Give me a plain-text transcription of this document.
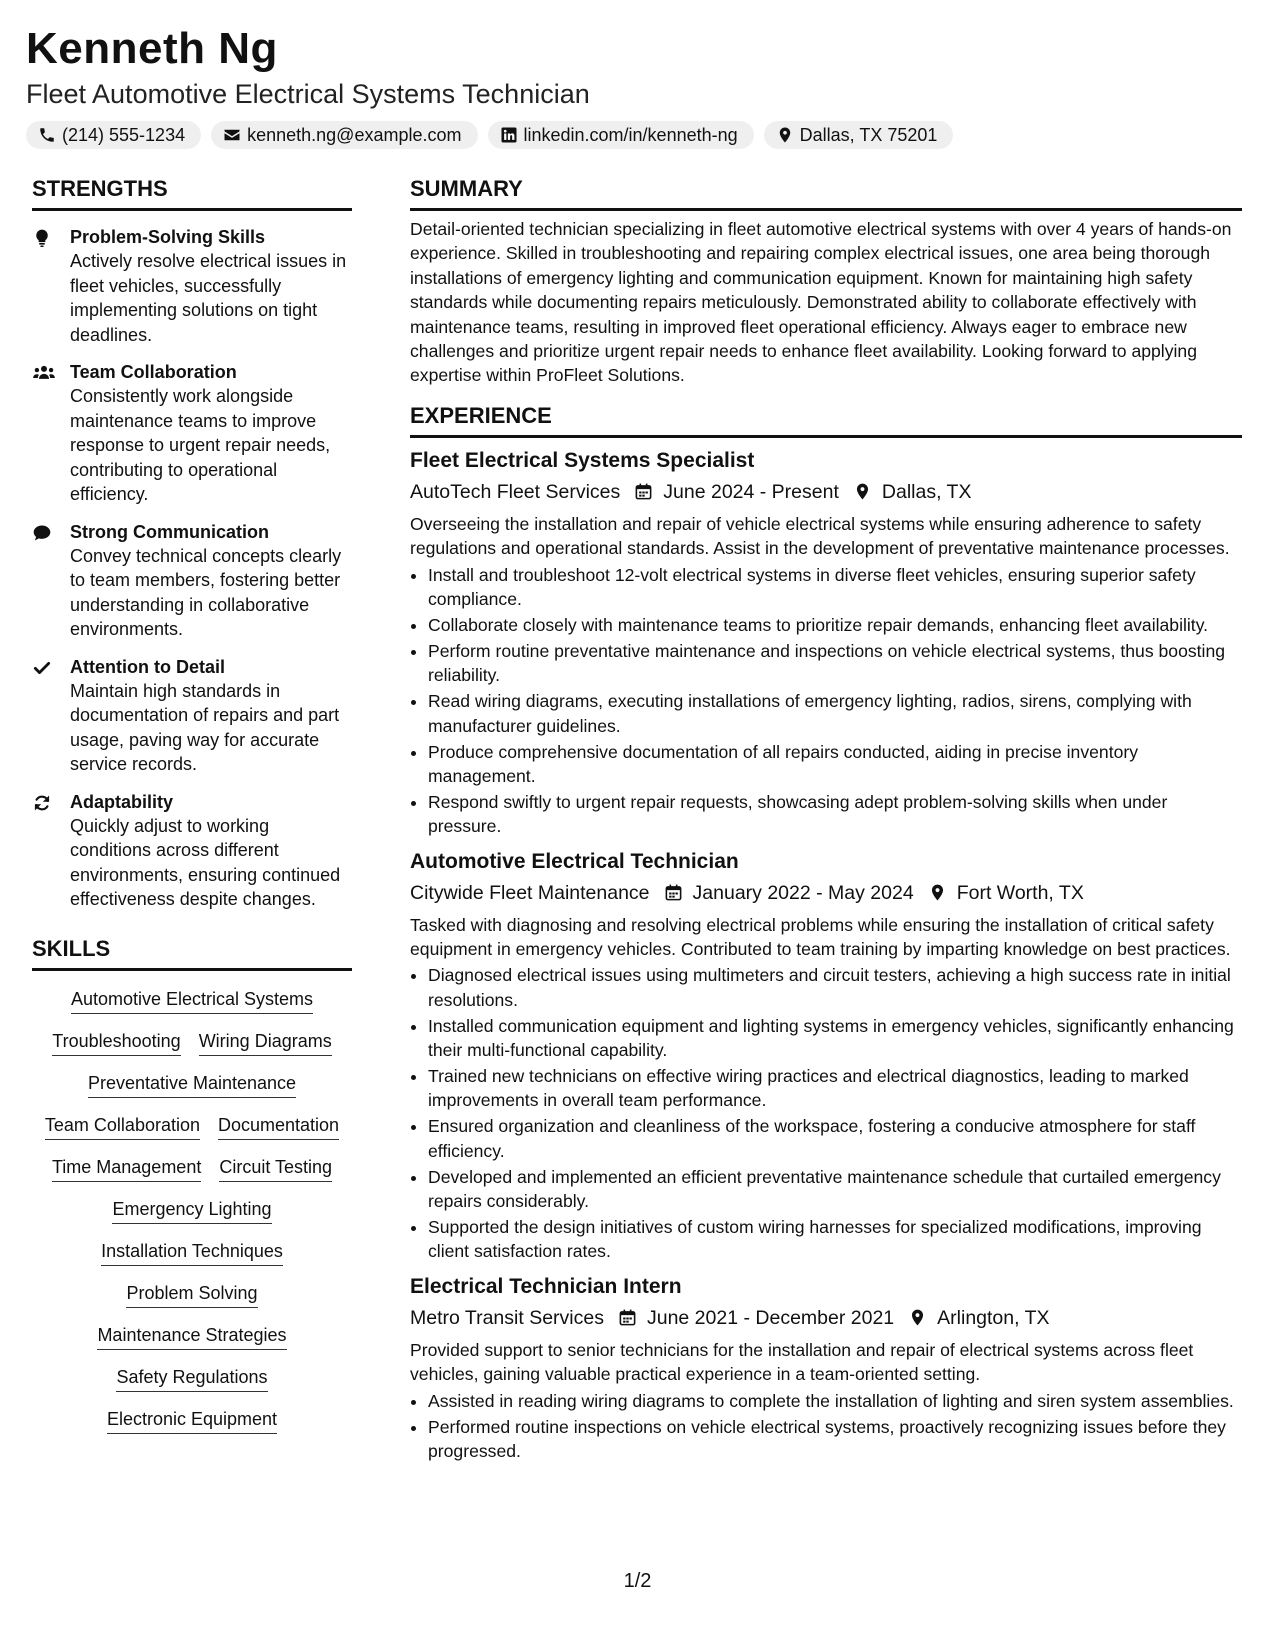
Kenneth Ng
Fleet Automotive Electrical Systems Technician
(214) 555-1234	kenneth.ng@example.com	linkedin.com/in/kenneth-ng	Dallas, TX 75201
STRENGTHS
Problem-Solving Skills
Actively resolve electrical issues in fleet vehicles, successfully implementing solutions on tight deadlines.
Team Collaboration
Consistently work alongside maintenance teams to improve response to urgent repair needs, contributing to operational efficiency.
Strong Communication
Convey technical concepts clearly to team members, fostering better understanding in collaborative environments.
Attention to Detail
Maintain high standards in documentation of repairs and part usage, paving way for accurate service records.
Adaptability
Quickly adjust to working conditions across different environments, ensuring continued effectiveness despite changes.
SKILLS
Automotive Electrical Systems
Troubleshooting Wiring Diagrams
Preventative Maintenance
Team Collaboration Documentation
Time Management Circuit Testing
Emergency Lighting
Installation Techniques
Problem Solving
Maintenance Strategies
Safety Regulations
Electronic Equipment
SUMMARY
Detail-oriented technician specializing in fleet automotive electrical systems with over 4 years of hands-on experience. Skilled in troubleshooting and repairing complex electrical issues, one area being thorough installations of emergency lighting and communication equipment. Known for maintaining high safety standards while documenting repairs meticulously. Demonstrated ability to collaborate effectively with maintenance teams, resulting in improved fleet operational efficiency. Always eager to embrace new challenges and prioritize urgent repair needs to enhance fleet availability. Looking forward to applying expertise within ProFleet Solutions.
EXPERIENCE
Fleet Electrical Systems Specialist
AutoTech Fleet Services June 2024 - Present Dallas, TX
Overseeing the installation and repair of vehicle electrical systems while ensuring adherence to safety regulations and operational standards. Assist in the development of preventative maintenance processes.
• Install and troubleshoot 12-volt electrical systems in diverse fleet vehicles, ensuring superior safety compliance.
• Collaborate closely with maintenance teams to prioritize repair demands, enhancing fleet availability.
• Perform routine preventative maintenance and inspections on vehicle electrical systems, thus boosting reliability.
• Read wiring diagrams, executing installations of emergency lighting, radios, sirens, complying with manufacturer guidelines.
• Produce comprehensive documentation of all repairs conducted, aiding in precise inventory management.
• Respond swiftly to urgent repair requests, showcasing adept problem-solving skills when under pressure.
Automotive Electrical Technician
Citywide Fleet Maintenance January 2022 - May 2024 Fort Worth, TX
Tasked with diagnosing and resolving electrical problems while ensuring the installation of critical safety equipment in emergency vehicles. Contributed to team training by imparting knowledge on best practices.
• Diagnosed electrical issues using multimeters and circuit testers, achieving a high success rate in initial resolutions.
• Installed communication equipment and lighting systems in emergency vehicles, significantly enhancing their multi-functional capability.
• Trained new technicians on effective wiring practices and electrical diagnostics, leading to marked improvements in overall team performance.
• Ensured organization and cleanliness of the workspace, fostering a conducive atmosphere for staff efficiency.
• Developed and implemented an efficient preventative maintenance schedule that curtailed emergency repairs considerably.
• Supported the design initiatives of custom wiring harnesses for specialized modifications, improving client satisfaction rates.
Electrical Technician Intern
Metro Transit Services June 2021 - December 2021 Arlington, TX
Provided support to senior technicians for the installation and repair of electrical systems across fleet vehicles, gaining valuable practical experience in a team-oriented setting.
• Assisted in reading wiring diagrams to complete the installation of lighting and siren system assemblies.
• Performed routine inspections on vehicle electrical systems, proactively recognizing issues before they progressed.
1/2
